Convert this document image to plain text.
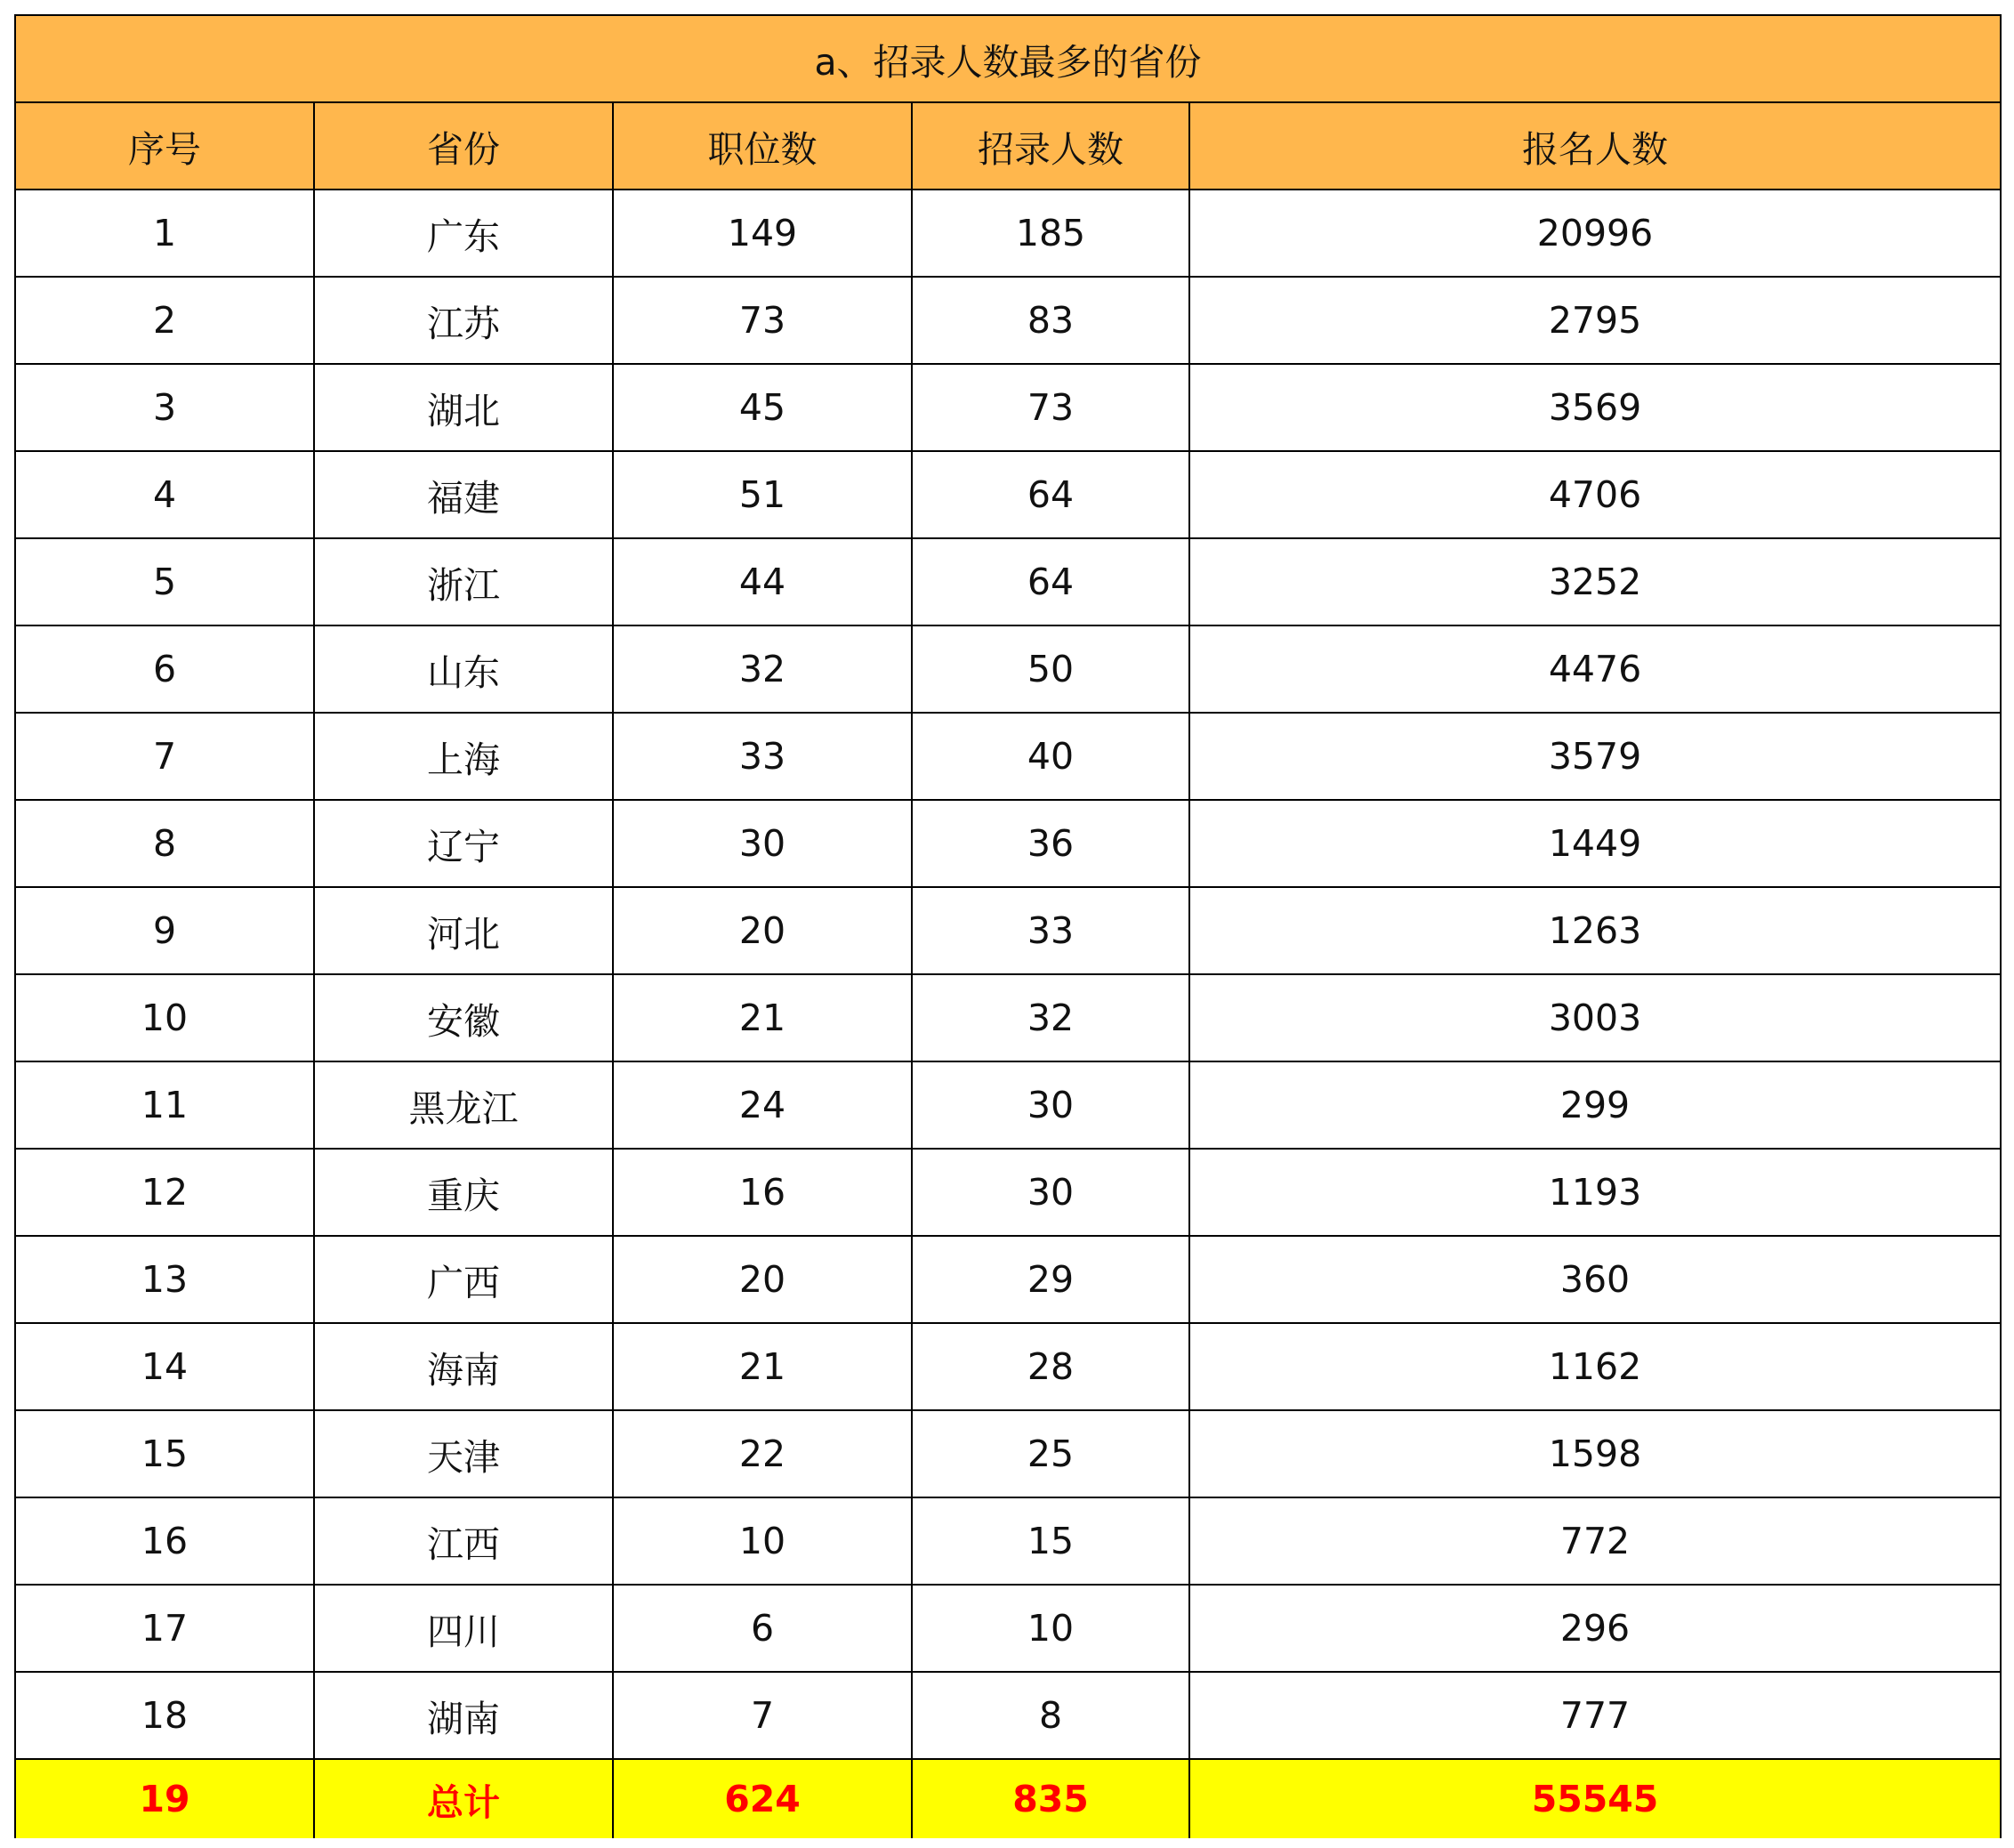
a、招录人数最多的省份				
序号	省份	职位数	招录人数	报名人数
1	广东	149	185	20996
2	江苏	73	83	2795
3	湖北	45	73	3569
4	福建	51	64	4706
5	浙江	44	64	3252
6	山东	32	50	4476
7	上海	33	40	3579
8	辽宁	30	36	1449
9	河北	20	33	1263
10	安徽	21	32	3003
11	黑龙江	24	30	299
12	重庆	16	30	1193
13	广西	20	29	360
14	海南	21	28	1162
15	天津	22	25	1598
16	江西	10	15	772
17	四川	6	10	296
18	湖南	7	8	777
19	总计	624	835	55545
